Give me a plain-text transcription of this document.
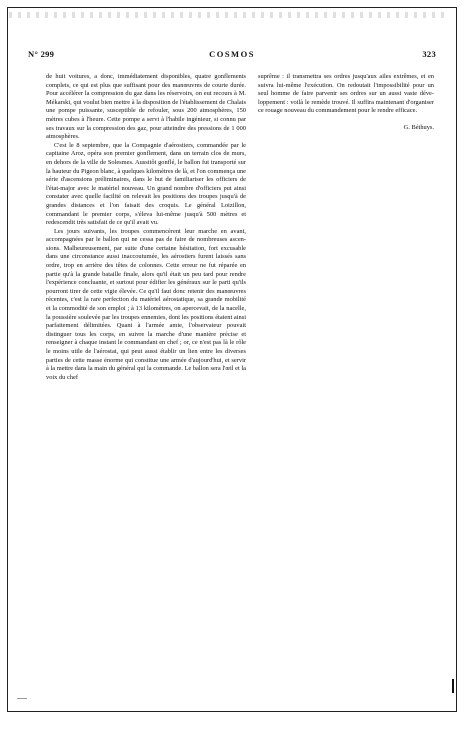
N° 299	COSMOS	323

de huit voitures, a donc, immédiatement disponibles, quatre gonflements complets, ce qui est plus que suffisant pour des manœuvres de courte durée. Pour accélérer la compression du gaz dans les réservoirs, on eut recours à M. Mékarski, qui voulut bien mettre à la disposition de l'établissement de Chalais une pompe puissante, susceptible de refouler, sous 200 atmosphères, 150 mètres cubes à l'heure. Cette pompe a servi à l'habile ingénieur, si connu par ses travaux sur la compression des gaz, pour atteindre des pressions de 1 000 atmosphères.

C'est le 8 septembre, que la Compagnie d'aérostiers, commandée par le capitaine Aroz, opéra son premier gonflement, dans un terrain clos de murs, en dehors de la ville de Solesmes. Aussitôt gonflé, le ballon fut transporté sur la hauteur du Pigeon blanc, à quelques kilomètres de là, et l'on commença une série d'ascensions préliminaires, dans le but de familiariser les officiers de l'état-major avec le matériel nouveau. Un grand nombre d'officiers put ainsi constater avec quelle facilité on relevait les positions des troupes jusqu'à de grandes distances et l'on faisait des croquis. Le général Loizillon, commandant le premier corps, s'éleva lui-même jusqu'à 500 mètres et redescendit très satisfait de ce qu'il avait vu.

Les jours suivants, les troupes commencèrent leur marche en avant, accompagnées par le ballon qui ne cessa pas de faire de nombreuses ascensions. Malheureusement, par suite d'une certaine hésitation, fort excusable dans une circonstance aussi inaccoutumée, les aérostiers furent laissés sans ordre, trop en arrière des têtes de colonnes. Cette erreur ne fut réparée en partie qu'à la grande bataille finale, alors qu'il était un peu tard pour rendre l'expérience concluante, et surtout pour édifier les généraux sur le parti qu'ils pourront tirer de cette vigie élevée. Ce qu'il faut donc retenir des manœuvres récentes, c'est la rare perfection du matériel aérostatique, sa grande mobilité et la commodité de son emploi ; à 13 kilomètres, on apercevait, de la nacelle, la poussière soulevée par les troupes ennemies, dont les positions étaient ainsi parfaitement délimitées. Quant à l'armée amie, l'observateur pouvait distinguer tous les corps, en suivre la marche d'une manière précise et renseigner à chaque instant le commandant en chef ; or, ce n'est pas là le rôle le moins utile de l'aérostat, qui peut aussi établir un lien entre les diverses parties de cette masse énorme qui constitue une armée d'aujourd'hui, et servir à la mettre dans la main du général qui la commande. Le ballon sera l'œil et la voix du chef

suprême : il transmettra ses ordres jusqu'aux ailes extrêmes, et en suivra lui-même l'exécution. On redoutait l'impossibilité pour un seul homme de faire parvenir ses ordres sur un aussi vaste développement : voilà le remède trouvé. Il suffira maintenant d'organiser ce rouage nouveau du commandement pour le rendre efficace.

G. Béthuys.
